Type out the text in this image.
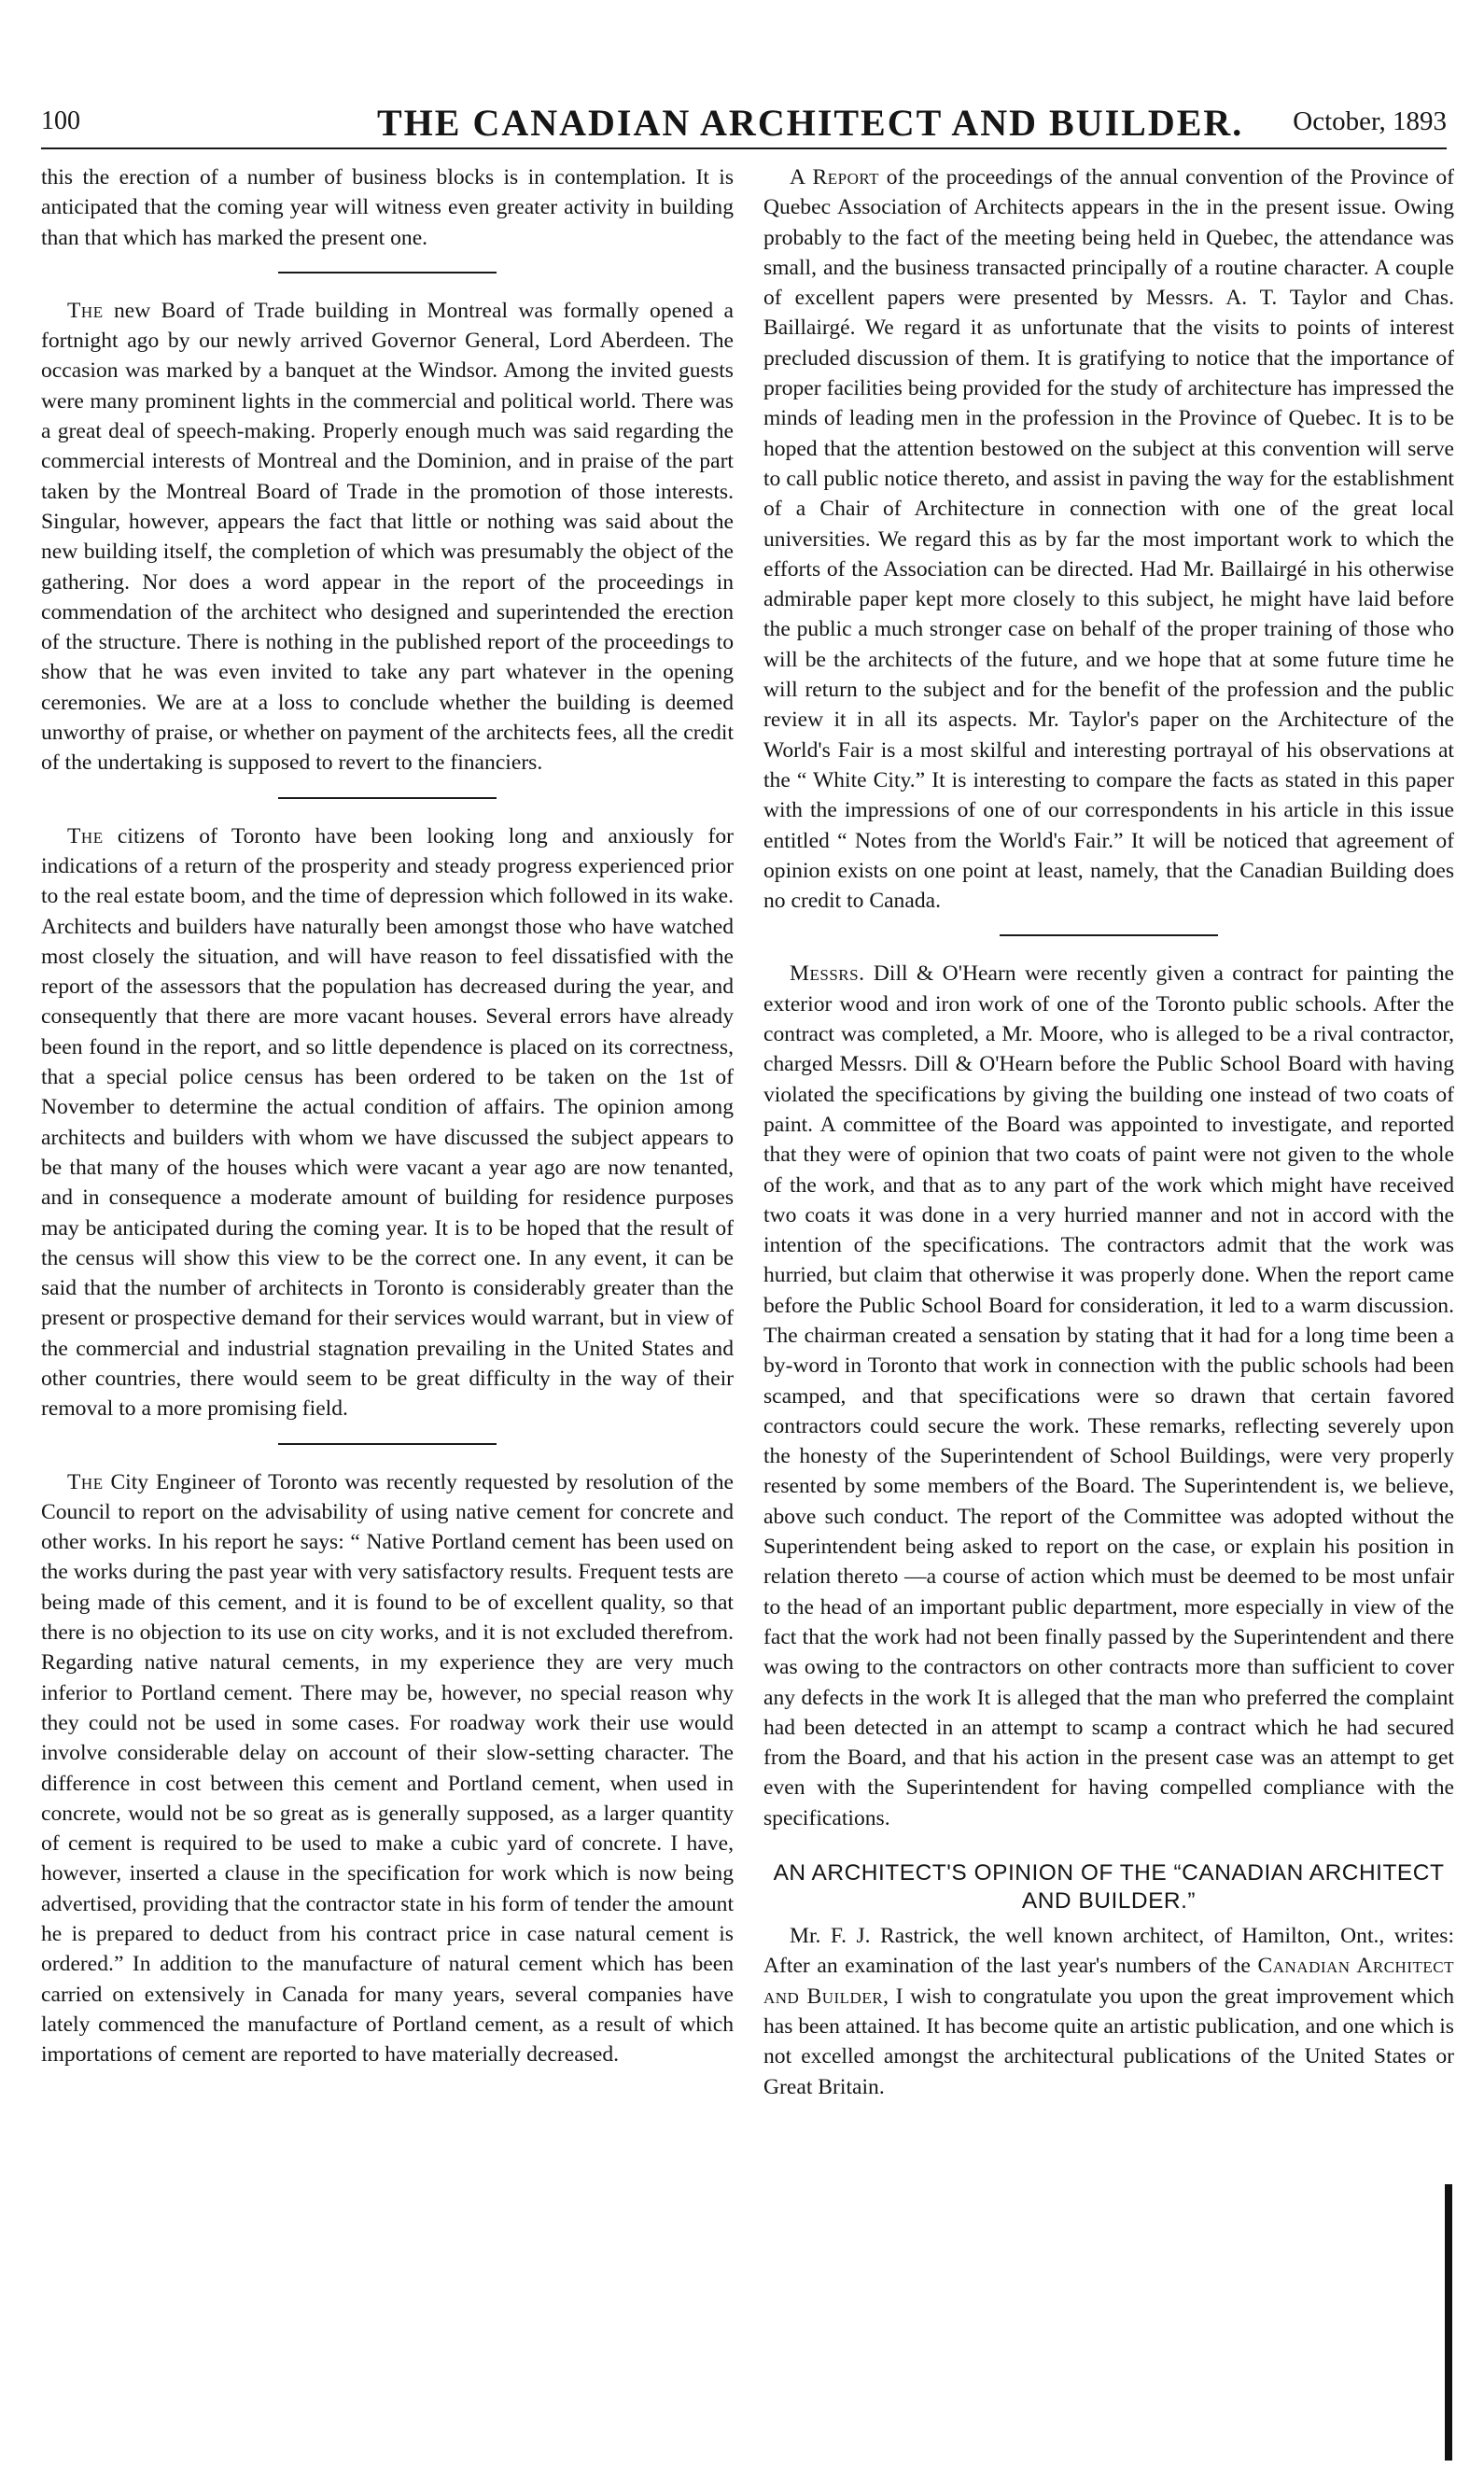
100	THE CANADIAN ARCHITECT AND BUILDER. October, 1893

this the erection of a number of business blocks is in contemplation. It is anticipated that the coming year will witness even greater activity in building than that which has marked the present one.

The new Board of Trade building in Montreal was formally opened a fortnight ago by our newly arrived Governor General, Lord Aberdeen. The occasion was marked by a banquet at the Windsor. Among the invited guests were many prominent lights in the commercial and political world. There was a great deal of speech-making. Properly enough much was said regarding the commercial interests of Montreal and the Dominion, and in praise of the part taken by the Montreal Board of Trade in the promotion of those interests. Singular, however, appears the fact that little or nothing was said about the new building itself, the completion of which was presumably the object of the gathering. Nor does a word appear in the report of the proceedings in commendation of the architect who designed and superintended the erection of the structure. There is nothing in the published report of the proceedings to show that he was even invited to take any part whatever in the opening ceremonies. We are at a loss to conclude whether the building is deemed unworthy of praise, or whether on payment of the architects fees, all the credit of the undertaking is supposed to revert to the financiers.

The citizens of Toronto have been looking long and anxiously for indications of a return of the prosperity and steady progress experienced prior to the real estate boom, and the time of depression which followed in its wake. Architects and builders have naturally been amongst those who have watched most closely the situation, and will have reason to feel dissatisfied with the report of the assessors that the population has decreased during the year, and consequently that there are more vacant houses. Several errors have already been found in the report, and so little dependence is placed on its correctness, that a special police census has been ordered to be taken on the 1st of November to determine the actual condition of affairs. The opinion among architects and builders with whom we have discussed the subject appears to be that many of the houses which were vacant a year ago are now tenanted, and in consequence a moderate amount of building for residence purposes may be anticipated during the coming year. It is to be hoped that the result of the census will show this view to be the correct one. In any event, it can be said that the number of architects in Toronto is considerably greater than the present or prospective demand for their services would warrant, but in view of the commercial and industrial stagnation prevailing in the United States and other countries, there would seem to be great difficulty in the way of their removal to a more promising field.

The City Engineer of Toronto was recently requested by resolution of the Council to report on the advisability of using native cement for concrete and other works. In his report he says: “ Native Portland cement has been used on the works during the past year with very satisfactory results. Frequent tests are being made of this cement, and it is found to be of excellent quality, so that there is no objection to its use on city works, and it is not excluded therefrom. Regarding native natural cements, in my experience they are very much inferior to Portland cement. There may be, however, no special reason why they could not be used in some cases. For roadway work their use would involve considerable delay on account of their slow-setting character. The difference in cost between this cement and Portland cement, when used in concrete, would not be so great as is generally supposed, as a larger quantity of cement is required to be used to make a cubic yard of concrete. I have, however, inserted a clause in the specification for work which is now being advertised, providing that the contractor state in his form of tender the amount he is prepared to deduct from his contract price in case natural cement is ordered.” In addition to the manufacture of natural cement which has been carried on extensively in Canada for many years, several companies have lately commenced the manufacture of Portland cement, as a result of which importations of cement are reported to have materially decreased.

A Report of the proceedings of the annual convention of the Province of Quebec Association of Architects appears in the in the present issue. Owing probably to the fact of the meeting being held in Quebec, the attendance was small, and the business transacted principally of a routine character. A couple of excellent papers were presented by Messrs. A. T. Taylor and Chas. Baillairgé. We regard it as unfortunate that the visits to points of interest precluded discussion of them. It is gratifying to notice that the importance of proper facilities being provided for the study of architecture has impressed the minds of leading men in the profession in the Province of Quebec. It is to be hoped that the attention bestowed on the subject at this convention will serve to call public notice thereto, and assist in paving the way for the establishment of a Chair of Architecture in connection with one of the great local universities. We regard this as by far the most important work to which the efforts of the Association can be directed. Had Mr. Baillairgé in his otherwise admirable paper kept more closely to this subject, he might have laid before the public a much stronger case on behalf of the proper training of those who will be the architects of the future, and we hope that at some future time he will return to the subject and for the benefit of the profession and the public review it in all its aspects. Mr. Taylor's paper on the Architecture of the World's Fair is a most skilful and interesting portrayal of his observations at the “ White City.” It is interesting to compare the facts as stated in this paper with the impressions of one of our correspondents in his article in this issue entitled “ Notes from the World's Fair.” It will be noticed that agreement of opinion exists on one point at least, namely, that the Canadian Building does no credit to Canada.

Messrs. Dill & O'Hearn were recently given a contract for painting the exterior wood and iron work of one of the Toronto public schools. After the contract was completed, a Mr. Moore, who is alleged to be a rival contractor, charged Messrs. Dill & O'Hearn before the Public School Board with having violated the specifications by giving the building one instead of two coats of paint. A committee of the Board was appointed to investigate, and reported that they were of opinion that two coats of paint were not given to the whole of the work, and that as to any part of the work which might have received two coats it was done in a very hurried manner and not in accord with the intention of the specifications. The contractors admit that the work was hurried, but claim that otherwise it was properly done. When the report came before the Public School Board for consideration, it led to a warm discussion. The chairman created a sensation by stating that it had for a long time been a by-word in Toronto that work in connection with the public schools had been scamped, and that specifications were so drawn that certain favored contractors could secure the work. These remarks, reflecting severely upon the honesty of the Superintendent of School Buildings, were very properly resented by some members of the Board. The Superintendent is, we believe, above such conduct. The report of the Committee was adopted without the Superintendent being asked to report on the case, or explain his position in relation thereto —a course of action which must be deemed to be most unfair to the head of an important public department, more especially in view of the fact that the work had not been finally passed by the Superintendent and there was owing to the contractors on other contracts more than sufficient to cover any defects in the work It is alleged that the man who preferred the complaint had been detected in an attempt to scamp a contract which he had secured from the Board, and that his action in the present case was an attempt to get even with the Superintendent for having compelled compliance with the specifications.

AN ARCHITECT'S OPINION OF THE “CANADIAN ARCHITECT AND BUILDER.”

Mr. F. J. Rastrick, the well known architect, of Hamilton, Ont., writes: After an examination of the last year's numbers of the Canadian Architect and Builder, I wish to congratulate you upon the great improvement which has been attained. It has become quite an artistic publication, and one which is not excelled amongst the architectural publications of the United States or Great Britain.
